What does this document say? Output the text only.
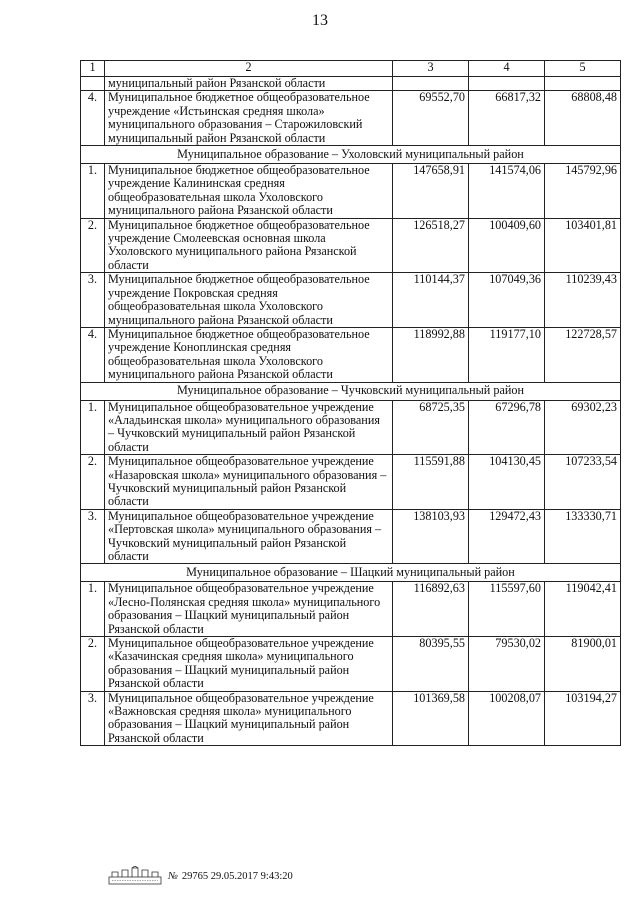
13
1	2	3	4	5
	муниципальный район Рязанской области			
4.	Муниципальное бюджетное общеобразовательное учреждение «Истьинская средняя школа» муниципального образования – Старожиловский муниципальный район Рязанской области	69552,70	66817,32	68808,48
Муниципальное образование – Ухоловский муниципальный район				
1.	Муниципальное бюджетное общеобразовательное учреждение Калининская средняя общеобразовательная школа Ухоловского муниципального района Рязанской области	147658,91	141574,06	145792,96
2.	Муниципальное бюджетное общеобразовательное учреждение Смолеевская основная школа Ухоловского муниципального района Рязанской области	126518,27	100409,60	103401,81
3.	Муниципальное бюджетное общеобразовательное учреждение Покровская средняя общеобразовательная школа Ухоловского муниципального района Рязанской области	110144,37	107049,36	110239,43
4.	Муниципальное бюджетное общеобразовательное учреждение Коноплинская средняя общеобразовательная школа Ухоловского муниципального района Рязанской области	118992,88	119177,10	122728,57
Муниципальное образование – Чучковский муниципальный район				
1.	Муниципальное общеобразовательное учреждение «Аладьинская школа» муниципального образования – Чучковский муниципальный район Рязанской области	68725,35	67296,78	69302,23
2.	Муниципальное общеобразовательное учреждение «Назаровская школа» муниципального образования – Чучковский муниципальный район Рязанской области	115591,88	104130,45	107233,54
3.	Муниципальное общеобразовательное учреждение «Пертовская школа» муниципального образования – Чучковский муниципальный район Рязанской области	138103,93	129472,43	133330,71
Муниципальное образование – Шацкий муниципальный район				
1.	Муниципальное общеобразовательное учреждение «Лесно-Полянская средняя школа» муниципального образования – Шацкий муниципальный район Рязанской области	116892,63	115597,60	119042,41
2.	Муниципальное общеобразовательное учреждение «Казачинская средняя школа» муниципального образования – Шацкий муниципальный район Рязанской области	80395,55	79530,02	81900,01
3.	Муниципальное общеобразовательное учреждение «Важновская средняя школа» муниципального образования – Шацкий муниципальный район Рязанской области	101369,58	100208,07	103194,27
№ 29765 29.05.2017 9:43:20
